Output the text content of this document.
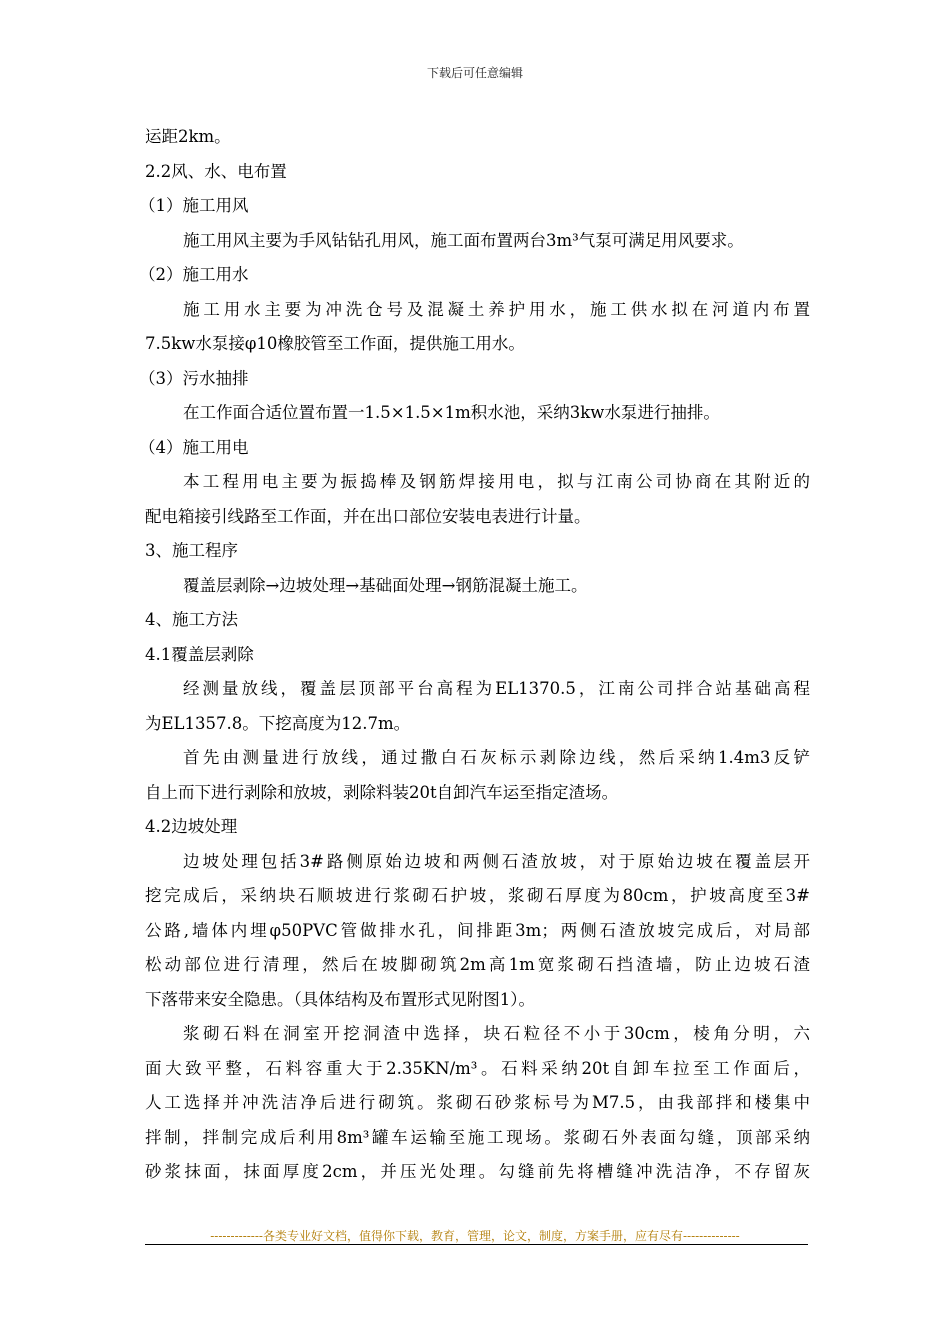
下载后可任意编辑
运距2km。
2.2风、水、电布置
（1）施工用风
施工用风主要为手风钻钻孔用风，施工面布置两台3m³气泵可满足用风要求。
（2）施工用水
施工用水主要为冲洗仓号及混凝土养护用水，施工供水拟在河道内布置
7.5kw水泵接φ10橡胶管至工作面，提供施工用水。
（3）污水抽排
在工作面合适位置布置一1.5×1.5×1m积水池，采纳3kw水泵进行抽排。
（4）施工用电
本工程用电主要为振捣棒及钢筋焊接用电，拟与江南公司协商在其附近的
配电箱接引线路至工作面，并在出口部位安装电表进行计量。
3、施工程序
覆盖层剥除→边坡处理→基础面处理→钢筋混凝土施工。
4、施工方法
4.1覆盖层剥除
经测量放线，覆盖层顶部平台高程为EL1370.5，江南公司拌合站基础高程
为EL1357.8。下挖高度为12.7m。
首先由测量进行放线，通过撒白石灰标示剥除边线，然后采纳1.4m3反铲
自上而下进行剥除和放坡，剥除料装20t自卸汽车运至指定渣场。
4.2边坡处理
边坡处理包括3#路侧原始边坡和两侧石渣放坡，对于原始边坡在覆盖层开
挖完成后，采纳块石顺坡进行浆砌石护坡，浆砌石厚度为80cm，护坡高度至3#
公路,墙体内埋φ50PVC管做排水孔，间排距3m；两侧石渣放坡完成后，对局部
松动部位进行清理，然后在坡脚砌筑2m高1m宽浆砌石挡渣墙，防止边坡石渣
下落带来安全隐患。（具体结构及布置形式见附图1）。
浆砌石料在洞室开挖洞渣中选择，块石粒径不小于30cm，棱角分明，六
面大致平整，石料容重大于2.35KN/m³。石料采纳20t自卸车拉至工作面后，
人工选择并冲洗洁净后进行砌筑。浆砌石砂浆标号为M7.5，由我部拌和楼集中
拌制，拌制完成后利用8m³罐车运输至施工现场。浆砌石外表面勾缝，顶部采纳
砂浆抹面，抹面厚度2cm，并压光处理。勾缝前先将槽缝冲洗洁净，不存留灰
-------------各类专业好文档，值得你下载，教育，管理，论文，制度，方案手册，应有尽有--------------
